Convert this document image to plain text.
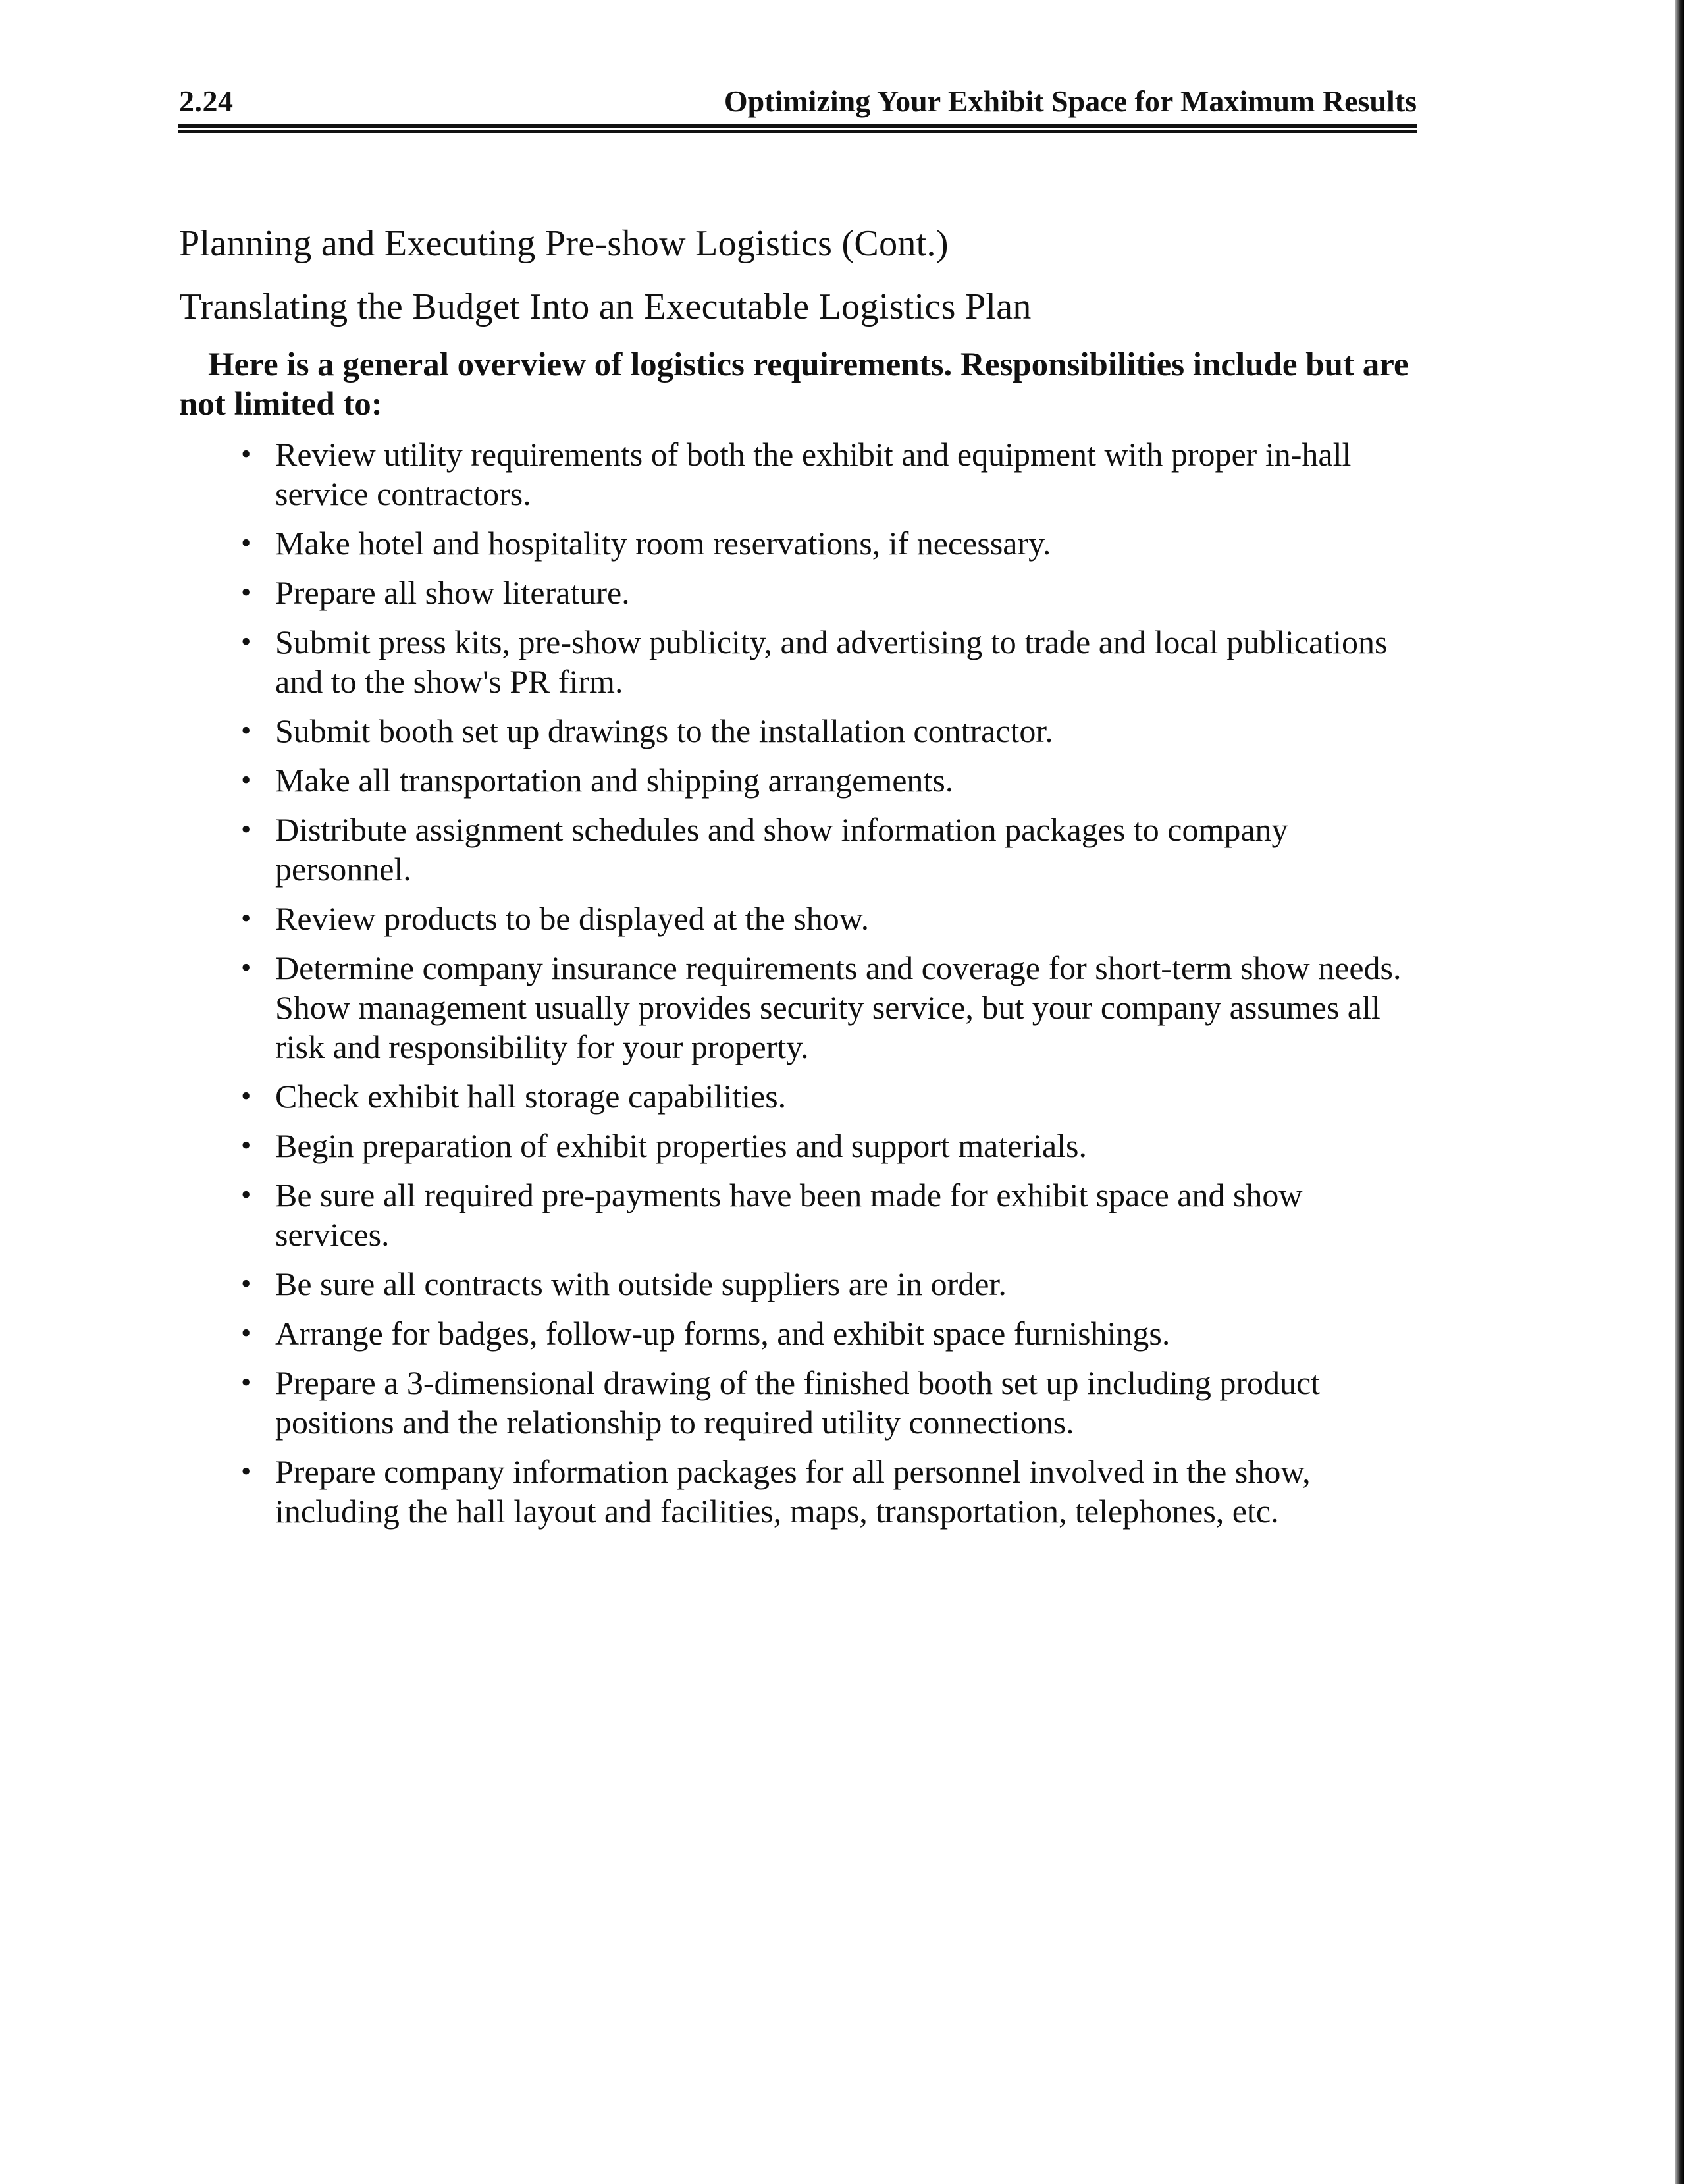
2.24	Optimizing Your Exhibit Space for Maximum Results
Planning and Executing Pre-show Logistics (Cont.)
Translating the Budget Into an Executable Logistics Plan

Here is a general overview of logistics requirements. Responsibilities include but are not limited to:

• Review utility requirements of both the exhibit and equipment with proper in-hall service contractors.
• Make hotel and hospitality room reservations, if necessary.
• Prepare all show literature.
• Submit press kits, pre-show publicity, and advertising to trade and local publications and to the show's PR firm.
• Submit booth set up drawings to the installation contractor.
• Make all transportation and shipping arrangements.
• Distribute assignment schedules and show information packages to company personnel.
• Review products to be displayed at the show.
• Determine company insurance requirements and coverage for short-term show needs. Show management usually provides security service, but your company assumes all risk and responsibility for your property.
• Check exhibit hall storage capabilities.
• Begin preparation of exhibit properties and support materials.
• Be sure all required pre-payments have been made for exhibit space and show services.
• Be sure all contracts with outside suppliers are in order.
• Arrange for badges, follow-up forms, and exhibit space furnishings.
• Prepare a 3-dimensional drawing of the finished booth set up including product positions and the relationship to required utility connections.
• Prepare company information packages for all personnel involved in the show, including the hall layout and facilities, maps, transportation, telephones, etc.
